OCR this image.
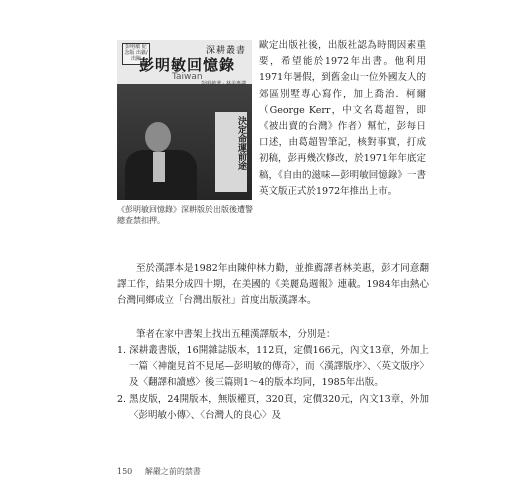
彭明敏 紀念版 出獄/出險
深耕叢書
彭明敏回憶錄
Taiwan
彭明敏著 · 林美惠譯
決定命運前途
《彭明敏回憶錄》深耕版於出版後遭警總查禁扣押。

歐定出版社後，出版社認為時間因素重要，希望能於1972年出書。他利用1971年暑假，到舊金山一位外國友人的郊區別墅專心寫作，加上喬治．柯爾（George Kerr，中文名葛超智，即《被出賣的台灣》作者）幫忙，彭每日口述，由葛超智筆記，核對事實，打成初稿，彭再幾次修改，於1971年年底定稿，《自由的滋味—彭明敏回憶錄》一書英文版正式於1972年推出上市。

至於漢譯本是1982年由陳仲林力勸，並推薦譯者林美惠，彭才同意翻譯工作，結果分成四十期，在美國的《美麗島週報》連載。1984年由熱心台灣同鄉成立「台灣出版社」首度出版漢譯本。

筆者在家中書架上找出五種漢譯版本，分別是：

1. 深耕叢書版，16開雜誌版本，112頁，定價166元，內文13章，外加上一篇〈神龍見首不見尾—彭明敏的傳奇〉，而〈漢譯版序〉、〈英文版序〉及〈翻譯和讀感〉後三篇則1～4的版本均同，1985年出版。
2. 黑皮版，24開版本，無版權頁，320頁，定價320元，內文13章，外加〈彭明敏小傳〉、〈台灣人的良心〉及
150 解嚴之前的禁書
